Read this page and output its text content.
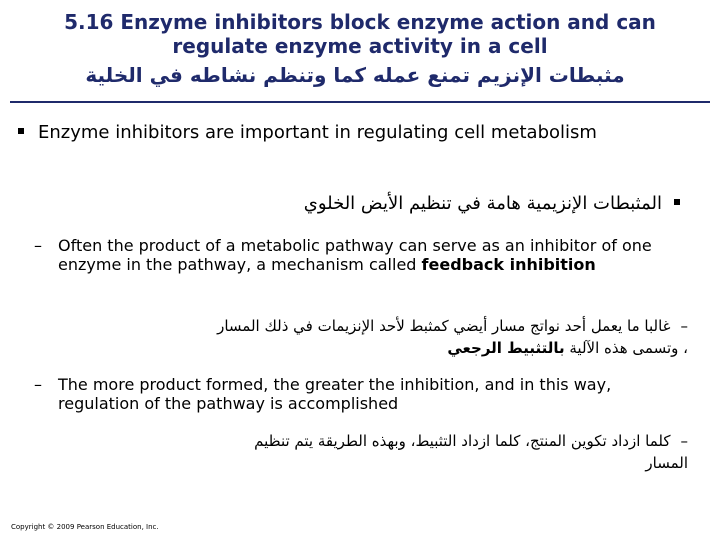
5.16 Enzyme inhibitors block enzyme action and can
regulate enzyme activity in a cell
مثبطات الإنزيم تمنع عمله كما وتنظم نشاطه في الخلية
Enzyme inhibitors are important in regulating cell metabolism
المثبطات الإنزيمية هامة في تنظيم الأيض الخلوي
– Often the product of a metabolic pathway can serve as an inhibitor of one enzyme in the pathway, a mechanism called feedback inhibition
–غالبا ما يعمل أحد نواتج مسار أيضي كمثبط لأحد الإنزيمات في ذلك المسار
، وتسمى هذه الآلية بالتثبيط الرجعي
– The more product formed, the greater the inhibition, and in this way, regulation of the pathway is accomplished
–كلما ازداد تكوين المنتج، كلما ازداد التثبيط، وبهذه الطريقة يتم تنظيم
المسار
Copyright © 2009 Pearson Education, Inc.
